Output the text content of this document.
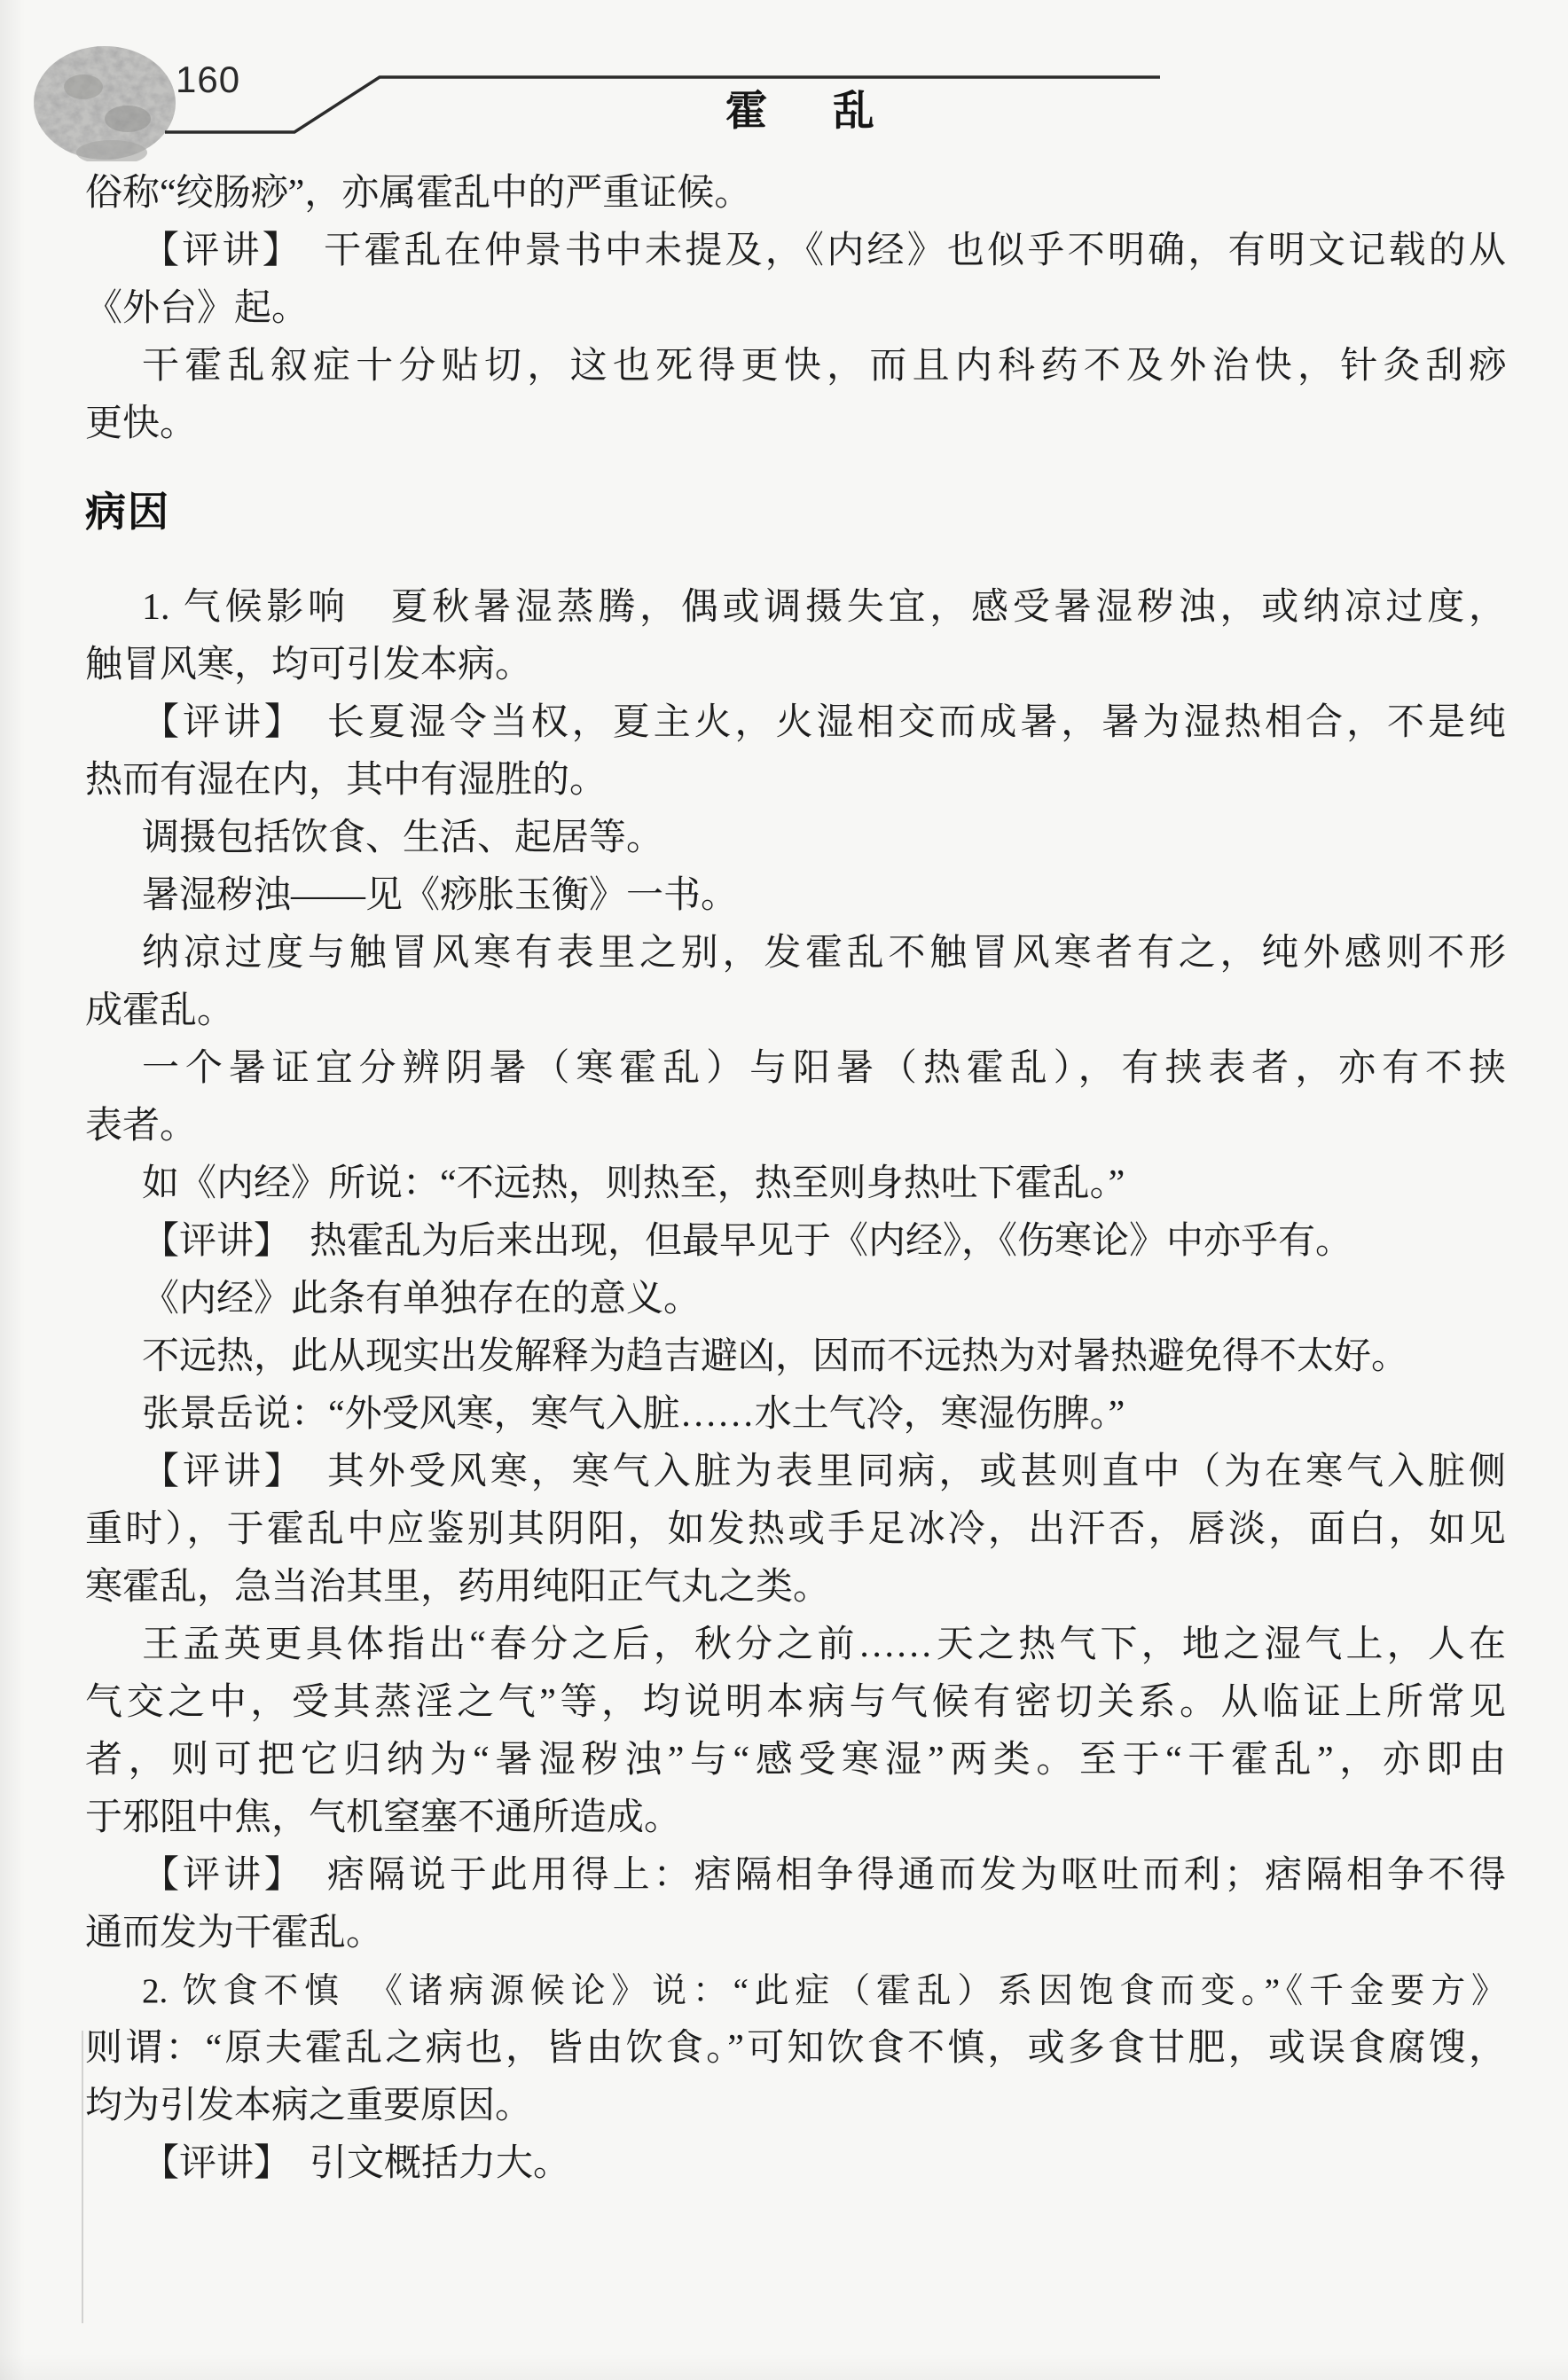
160
霍 乱
俗称“绞肠痧”，亦属霍乱中的严重证候。
【评讲】　干霍乱在仲景书中未提及，《内经》也似乎不明确，有明文记载的从
《外台》起。
干霍乱叙症十分贴切，这也死得更快，而且内科药不及外治快，针灸刮痧
更快。
病因
1. 气候影响　夏秋暑湿蒸腾，偶或调摄失宜，感受暑湿秽浊，或纳凉过度，
触冒风寒，均可引发本病。
【评讲】　长夏湿令当权，夏主火，火湿相交而成暑，暑为湿热相合，不是纯
热而有湿在内，其中有湿胜的。
调摄包括饮食、生活、起居等。
暑湿秽浊——见《痧胀玉衡》一书。
纳凉过度与触冒风寒有表里之别，发霍乱不触冒风寒者有之，纯外感则不形
成霍乱。
一个暑证宜分辨阴暑（寒霍乱）与阳暑（热霍乱），有挟表者，亦有不挟
表者。
如《内经》所说：“不远热，则热至，热至则身热吐下霍乱。”
【评讲】　热霍乱为后来出现，但最早见于《内经》，《伤寒论》中亦乎有。
《内经》此条有单独存在的意义。
不远热，此从现实出发解释为趋吉避凶，因而不远热为对暑热避免得不太好。
张景岳说：“外受风寒，寒气入脏……水土气冷，寒湿伤脾。”
【评讲】　其外受风寒，寒气入脏为表里同病，或甚则直中（为在寒气入脏侧
重时），于霍乱中应鉴别其阴阳，如发热或手足冰冷，出汗否，唇淡，面白，如见
寒霍乱，急当治其里，药用纯阳正气丸之类。
王孟英更具体指出“春分之后，秋分之前……天之热气下，地之湿气上，人在
气交之中，受其蒸淫之气”等，均说明本病与气候有密切关系。从临证上所常见
者，则可把它归纳为“暑湿秽浊”与“感受寒湿”两类。至于“干霍乱”，亦即由
于邪阻中焦，气机窒塞不通所造成。
【评讲】　痞隔说于此用得上：痞隔相争得通而发为呕吐而利；痞隔相争不得
通而发为干霍乱。
2. 饮食不慎　《诸病源候论》说：“此症（霍乱）系因饱食而变。”《千金要方》
则谓：“原夫霍乱之病也，皆由饮食。”可知饮食不慎，或多食甘肥，或误食腐馊，
均为引发本病之重要原因。
【评讲】　引文概括力大。
